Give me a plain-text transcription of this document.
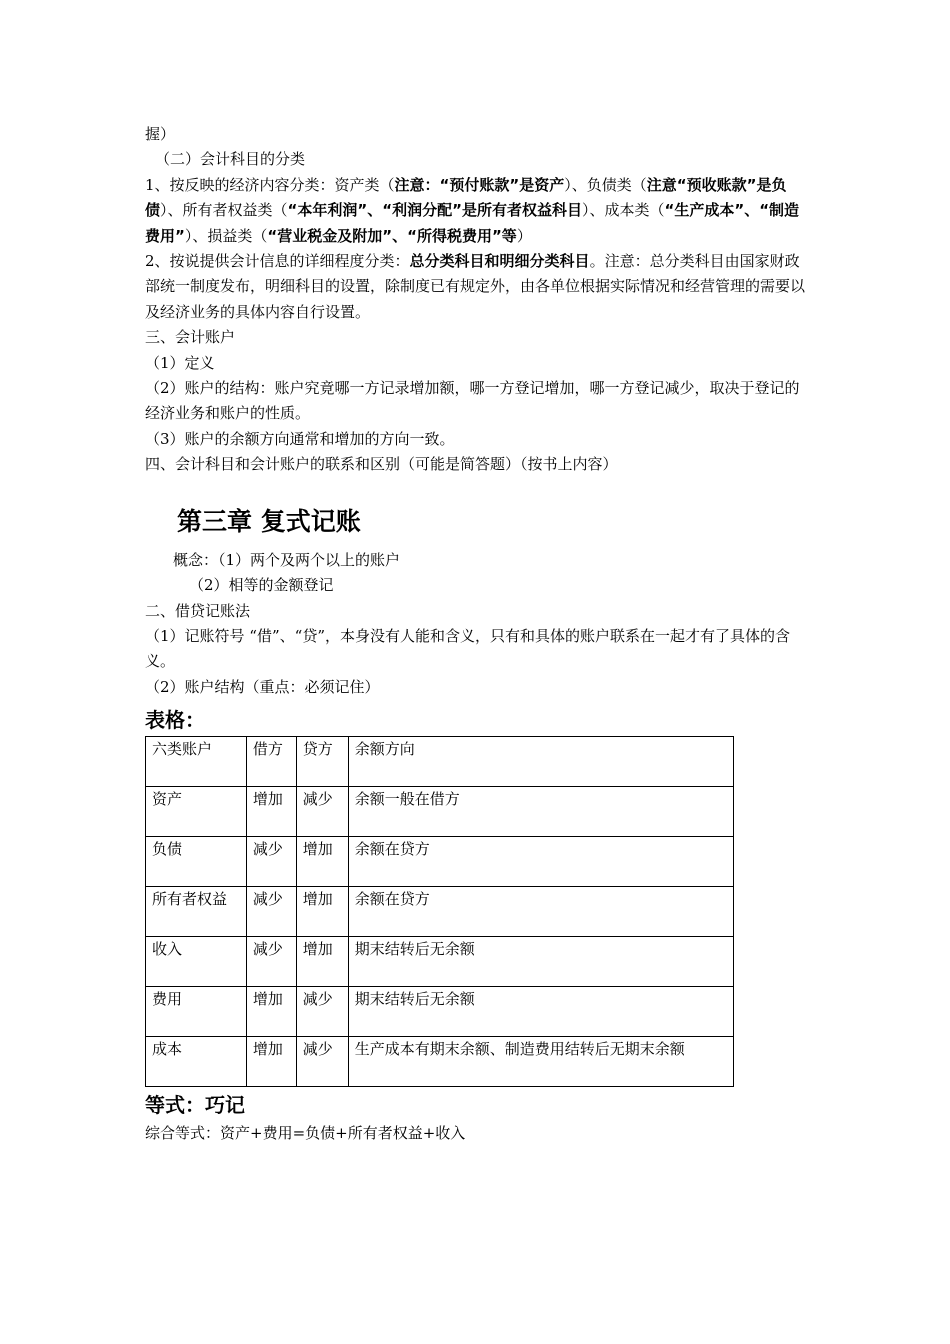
握）

（二）会计科目的分类

1、按反映的经济内容分类：资产类（注意：“预付账款”是资产）、负债类（注意“预收账款”是负债）、所有者权益类（“本年利润”、“利润分配”是所有者权益科目）、成本类（“生产成本”、“制造费用”）、损益类（“营业税金及附加”、“所得税费用”等）

2、按说提供会计信息的详细程度分类：总分类科目和明细分类科目。注意：总分类科目由国家财政部统一制度发布，明细科目的设置，除制度已有规定外，由各单位根据实际情况和经营管理的需要以及经济业务的具体内容自行设置。

三、会计账户

（1）定义

（2）账户的结构：账户究竟哪一方记录增加额，哪一方登记增加，哪一方登记减少，取决于登记的经济业务和账户的性质。

（3）账户的余额方向通常和增加的方向一致。

四、会计科目和会计账户的联系和区别（可能是简答题）（按书上内容）

第三章 复式记账

概念：（1）两个及两个以上的账户

（2）相等的金额登记

二、借贷记账法

（1）记账符号 “借”、“贷”，本身没有人能和含义，只有和具体的账户联系在一起才有了具体的含义。

（2）账户结构（重点：必须记住）

表格：

六类账户	借方	贷方	余额方向
资产	增加	减少	余额一般在借方
负债	减少	增加	余额在贷方
所有者权益	减少	增加	余额在贷方
收入	减少	增加	期末结转后无余额
费用	增加	减少	期末结转后无余额
成本	增加	减少	生产成本有期末余额、制造费用结转后无期末余额

等式：巧记

综合等式：资产+费用=负债+所有者权益+收入
